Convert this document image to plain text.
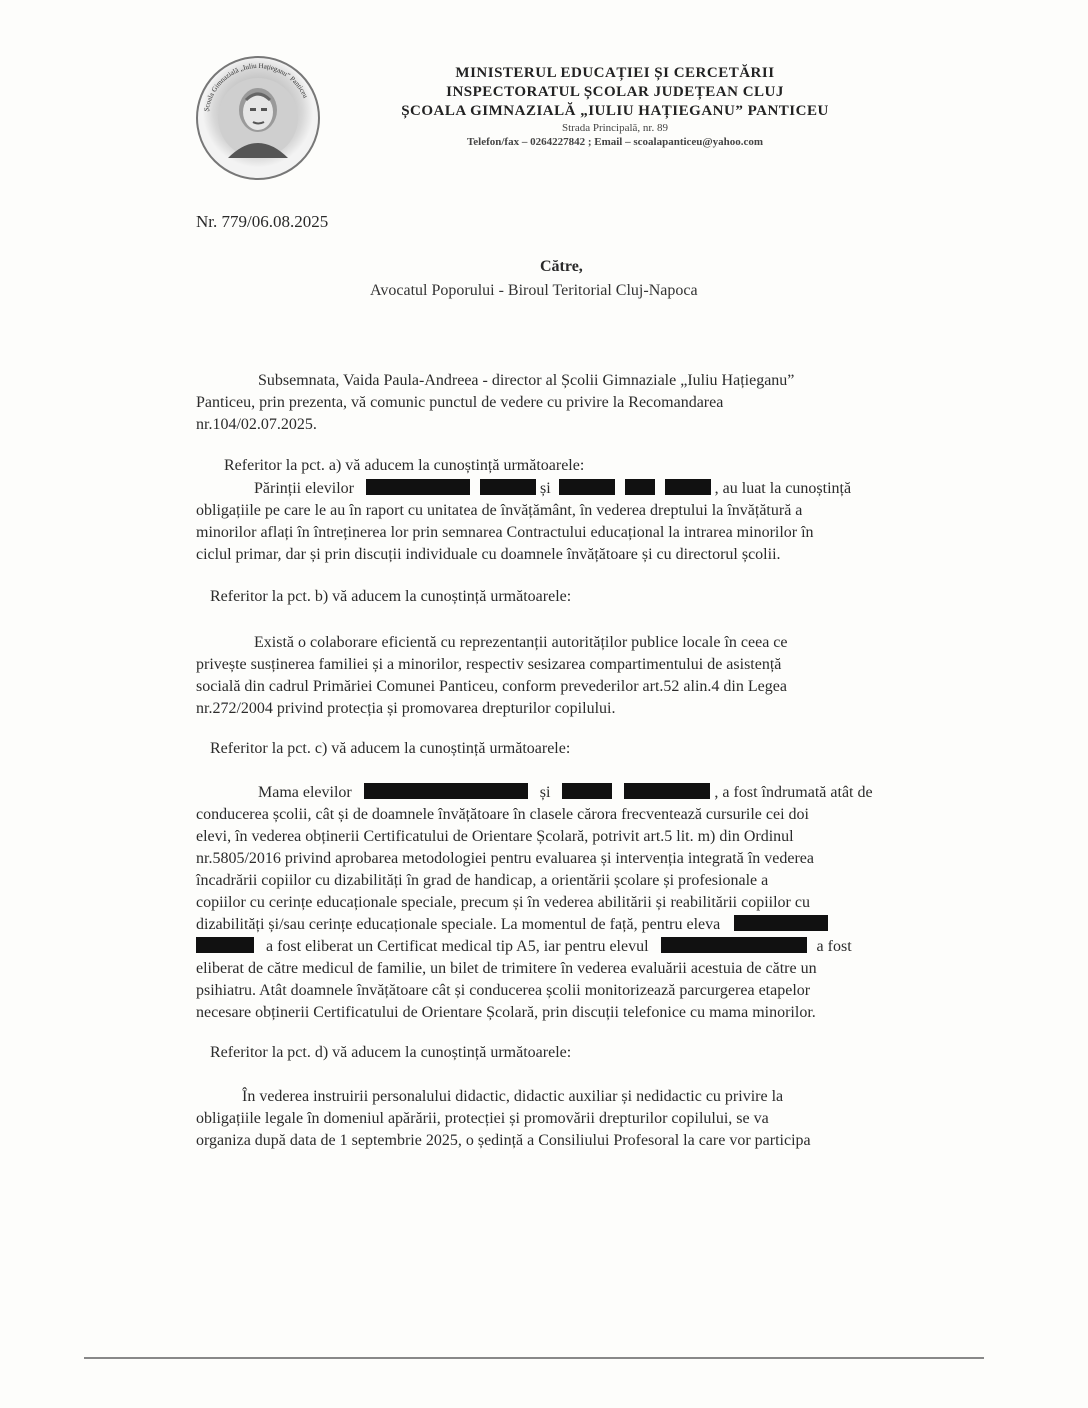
Școala Gimnazială „Iuliu Hațieganu” Panticeu
MINISTERUL EDUCAȚIEI ȘI CERCETĂRII
INSPECTORATUL ȘCOLAR JUDEȚEAN CLUJ
ȘCOALA GIMNAZIALĂ „IULIU HAȚIEGANU” PANTICEU
Strada Principală, nr. 89
Telefon/fax – 0264227842 ; Email – scoalapanticeu@yahoo.com
Nr. 779/06.08.2025
Către,
Avocatul Poporului - Biroul Teritorial Cluj-Napoca
Subsemnata, Vaida Paula-Andreea - director al Școlii Gimnaziale „Iuliu Hațieganu”
Panticeu, prin prezenta, vă comunic punctul de vedere cu privire la Recomandarea
nr.104/02.07.2025.
Referitor la pct. a) vă aducem la cunoștință următoarele:
Părinții elevilor	și	, au luat la cunoștință
obligațiile pe care le au în raport cu unitatea de învățământ, în vederea dreptului la învățătură a
minorilor aflați în întreținerea lor prin semnarea Contractului educațional la intrarea minorilor în
ciclul primar, dar și prin discuții individuale cu doamnele învățătoare și cu directorul școlii.
Referitor la pct. b) vă aducem la cunoștință următoarele:
Există o colaborare eficientă cu reprezentanții autorităților publice locale în ceea ce
privește susținerea familiei și a minorilor, respectiv sesizarea compartimentului de asistență
socială din cadrul Primăriei Comunei Panticeu, conform prevederilor art.52 alin.4 din Legea
nr.272/2004 privind protecția și promovarea drepturilor copilului.
Referitor la pct. c) vă aducem la cunoștință următoarele:
Mama elevilor	și	, a fost îndrumată atât de
conducerea școlii, cât și de doamnele învățătoare în clasele cărora frecventează cursurile cei doi
elevi, în vederea obținerii Certificatului de Orientare Școlară, potrivit art.5 lit. m) din Ordinul
nr.5805/2016 privind aprobarea metodologiei pentru evaluarea și intervenția integrată în vederea
încadrării copiilor cu dizabilități în grad de handicap, a orientării școlare și profesionale a
copiilor cu cerințe educaționale speciale, precum și în vederea abilitării și reabilitării copiilor cu
dizabilități și/sau cerințe educaționale speciale. La momentul de față, pentru eleva
a fost eliberat un Certificat medical tip A5, iar pentru elevul	a fost
eliberat de către medicul de familie, un bilet de trimitere în vederea evaluării acestuia de către un
psihiatru. Atât doamnele învățătoare cât și conducerea școlii monitorizează parcurgerea etapelor
necesare obținerii Certificatului de Orientare Școlară, prin discuții telefonice cu mama minorilor.
Referitor la pct. d) vă aducem la cunoștință următoarele:
În vederea instruirii personalului didactic, didactic auxiliar și nedidactic cu privire la
obligațiile legale în domeniul apărării, protecției și promovării drepturilor copilului, se va
organiza după data de 1 septembrie 2025, o ședință a Consiliului Profesoral la care vor participa
